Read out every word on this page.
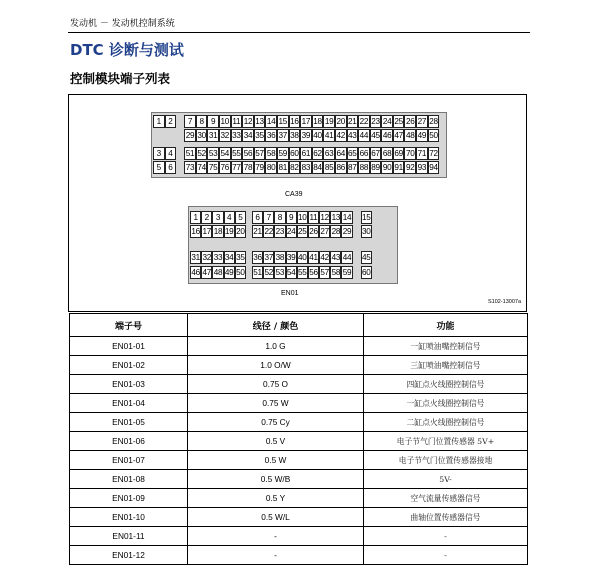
发动机 － 发动机控制系统
DTC 诊断与测试
控制模块端子列表
1 2	7 8 9 10 11 12 13 14 15 16 17 18 19 20 21 22 23 24 25 26 27 28
29 30 31 32 33 34 35 36 37 38 39 40 41 42 43 44 45 46 47 48 49 50
3 4	51 52 53 54 55 56 57 58 59 60 61 62 63 64 65 66 67 68 69 70 71 72
5 6	73 74 75 76 77 78 79 80 81 82 83 84 85 86 87 88 89 90 91 92 93 94
CA39
1 2 3 4 5	6 7 8 9 10 11 12 13 14 15
16 17 18 19 20 21 22 23 24 25 26 27 28 29 30
31 32 33 34 35 36 37 38 39 40 41 42 43 44 45
46 47 48 49 50 51 52 53 54 55 56 57 58 59 60
EN01
S102-13007a
端子号	线径 / 颜色	功能
EN01-01	1.0 G	一缸喷油嘴控制信号
EN01-02	1.0 O/W	三缸喷油嘴控制信号
EN01-03	0.75 O	四缸点火线圈控制信号
EN01-04	0.75 W	一缸点火线圈控制信号
EN01-05	0.75 Cy	二缸点火线圈控制信号
EN01-06	0.5 V	电子节气门位置传感器 5V+
EN01-07	0.5 W	电子节气门位置传感器接地
EN01-08	0.5 W/B	5V-
EN01-09	0.5 Y	空气流量传感器信号
EN01-10	0.5 W/L	曲轴位置传感器信号
EN01-11	-	-
EN01-12	-	-
